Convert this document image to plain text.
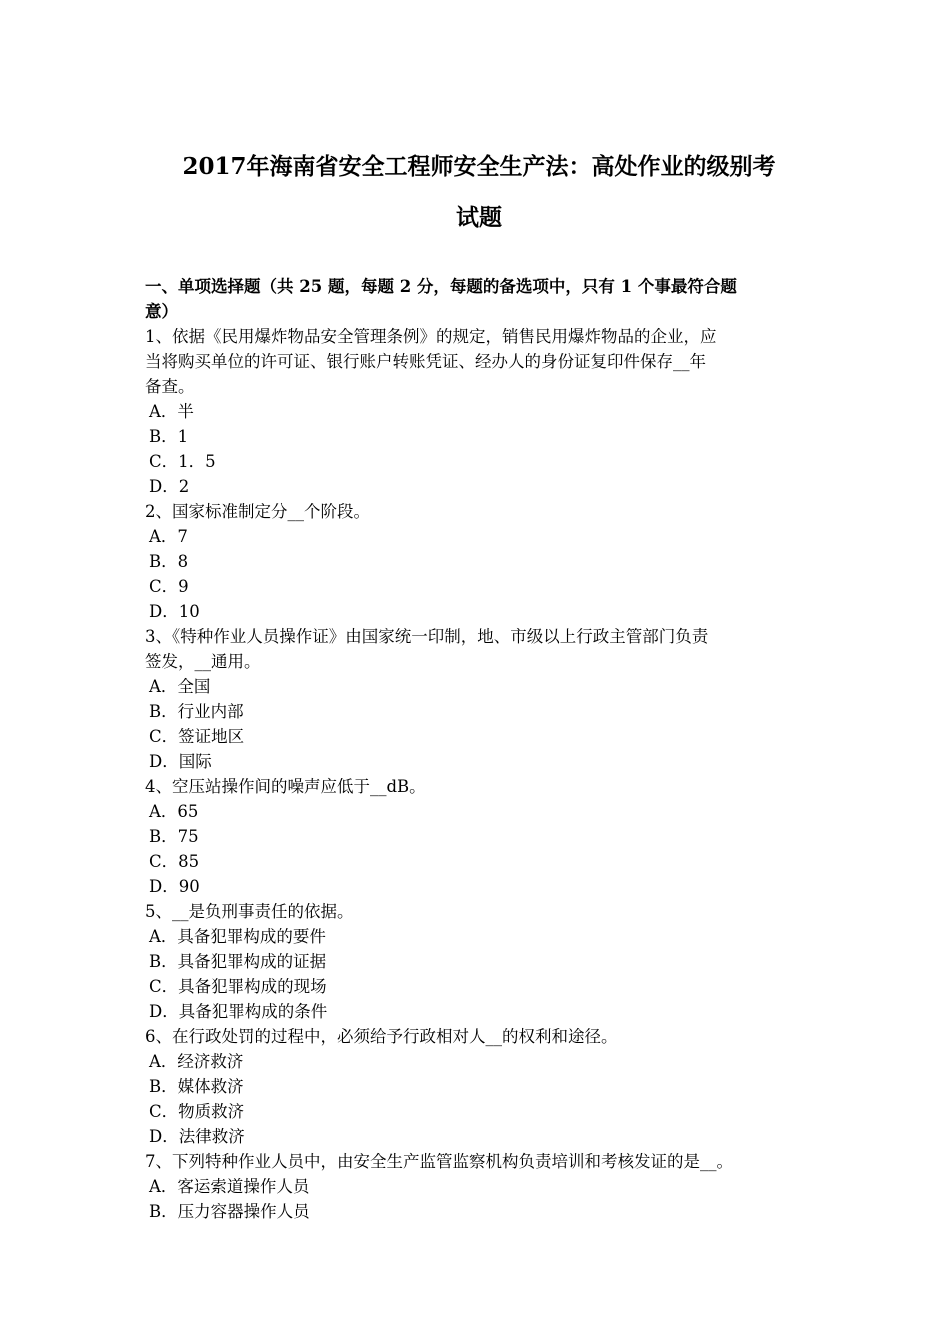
2017年海南省安全工程师安全生产法：高处作业的级别考
试题
一、单项选择题（共 25 题，每题 2 分，每题的备选项中，只有 1 个事最符合题
意）
1、依据《民用爆炸物品安全管理条例》的规定，销售民用爆炸物品的企业，应
当将购买单位的许可证、银行账户转账凭证、经办人的身份证复印件保存__年
备查。
A．半
B．1
C．1．5
D．2
2、国家标准制定分__个阶段。
A．7
B．8
C．9
D．10
3、《特种作业人员操作证》由国家统一印制，地、市级以上行政主管部门负责
签发，__通用。
A．全国
B．行业内部
C．签证地区
D．国际
4、空压站操作间的噪声应低于__dB。
A．65
B．75
C．85
D．90
5、__是负刑事责任的依据。
A．具备犯罪构成的要件
B．具备犯罪构成的证据
C．具备犯罪构成的现场
D．具备犯罪构成的条件
6、在行政处罚的过程中，必须给予行政相对人__的权利和途径。
A．经济救济
B．媒体救济
C．物质救济
D．法律救济
7、下列特种作业人员中，由安全生产监管监察机构负责培训和考核发证的是__。
A．客运索道操作人员
B．压力容器操作人员
